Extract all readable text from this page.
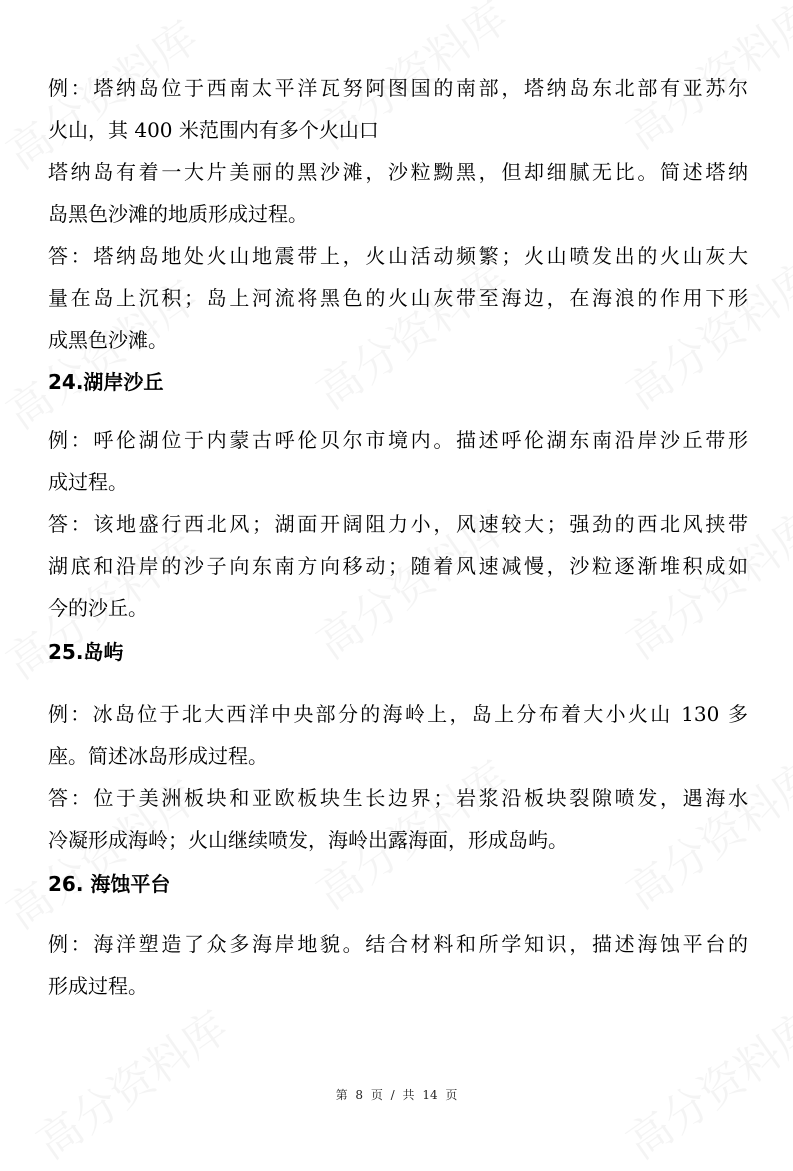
例：塔纳岛位于西南太平洋瓦努阿图国的南部，塔纳岛东北部有亚苏尔
火山，其 400 米范围内有多个火山口
塔纳岛有着一大片美丽的黑沙滩，沙粒黝黑，但却细腻无比。简述塔纳
岛黑色沙滩的地质形成过程。
答：塔纳岛地处火山地震带上，火山活动频繁；火山喷发出的火山灰大
量在岛上沉积；岛上河流将黑色的火山灰带至海边，在海浪的作用下形
成黑色沙滩。
24.湖岸沙丘
例：呼伦湖位于内蒙古呼伦贝尔市境内。描述呼伦湖东南沿岸沙丘带形
成过程。
答：该地盛行西北风；湖面开阔阻力小，风速较大；强劲的西北风挟带
湖底和沿岸的沙子向东南方向移动；随着风速减慢，沙粒逐渐堆积成如
今的沙丘。
25.岛屿
例：冰岛位于北大西洋中央部分的海岭上，岛上分布着大小火山 130 多
座。简述冰岛形成过程。
答：位于美洲板块和亚欧板块生长边界；岩浆沿板块裂隙喷发，遇海水
冷凝形成海岭；火山继续喷发，海岭出露海面，形成岛屿。
26. 海蚀平台
例：海洋塑造了众多海岸地貌。结合材料和所学知识，描述海蚀平台的
形成过程。
第 8 页 / 共 14 页
